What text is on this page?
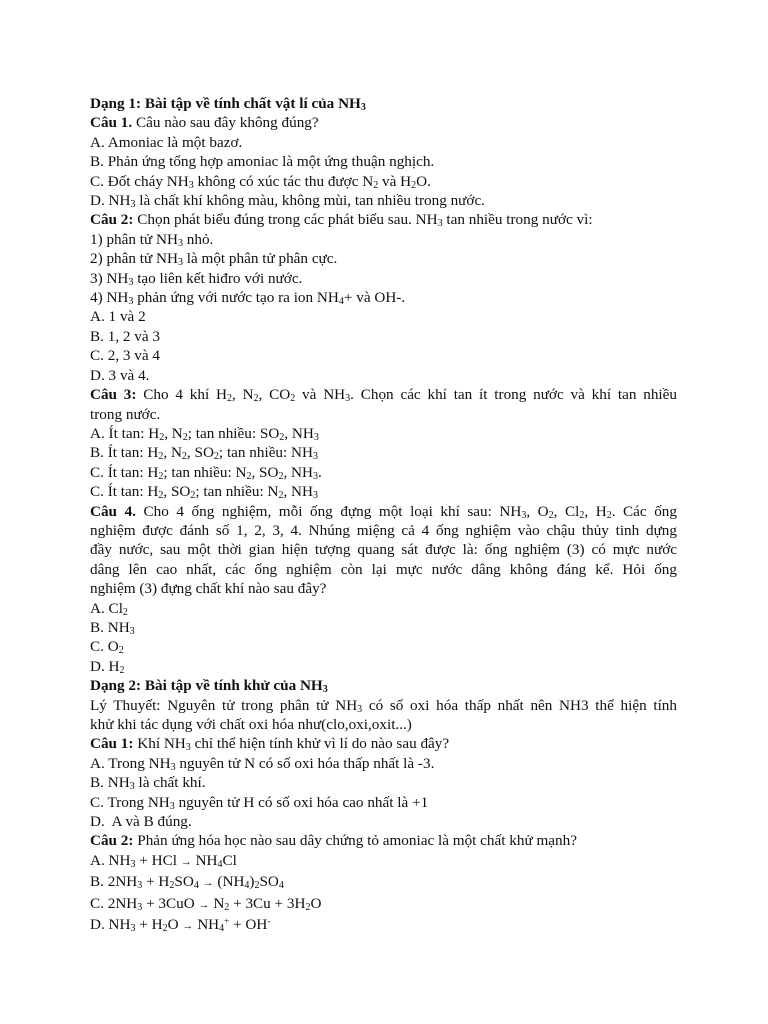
Dạng 1: Bài tập về tính chất vật lí của $NH_3$
Câu 1. Câu nào sau đây không đúng?
A. Amoniac là một bazơ.
B. Phản ứng tổng hợp amoniac là một ứng thuận nghịch.
C. Đốt cháy $NH_3$ không có xúc tác thu được $N_2$ và $H_2O$.
D. $NH_3$ là chất khí không màu, không mùi, tan nhiều trong nước.
Câu 2: Chọn phát biểu đúng trong các phát biểu sau. $NH_3$ tan nhiều trong nước vì:
1) phân tử $NH_3$ nhỏ.
2) phân tử $NH_3$ là một phân tử phân cực.
3) $NH_3$ tạo liên kết hiđro với nước.
4) $NH_3$ phản ứng với nước tạo ra ion $NH_4+$ và OH-.
A. 1 và 2
B. 1, 2 và 3
C. 2, 3 và 4
D. 3 và 4.
Câu 3: Cho 4 khí $H_2$, $N_2$, $CO_2$ và $NH_3$. Chọn các khí tan ít trong nước và khí tan nhiều
trong nước.
A. Ít tan: $H_2$, $N_2$; tan nhiều: $SO_2$, $NH_3$
B. Ít tan: $H_2$, $N_2$, $SO_2$; tan nhiều: $NH_3$
C. Ít tan: $H_2$; tan nhiều: $N_2$, $SO_2$, $NH_3$.
C. Ít tan: $H_2$, $SO_2$; tan nhiều: $N_2$, $NH_3$
Câu 4. Cho 4 ống nghiệm, mỗi ống đựng một loại khí sau: $NH_3$, $O_2$, $Cl_2$, $H_2$. Các ống
nghiệm được đánh số 1, 2, 3, 4. Nhúng miệng cả 4 ống nghiệm vào chậu thủy tinh dựng
đầy nước, sau một thời gian hiện tượng quang sát được là: ống nghiệm (3) có mực nước
dâng lên cao nhất, các ống nghiệm còn lại mực nước dâng không đáng kể. Hỏi ống
nghiệm (3) đựng chất khí nào sau đây?
A. $Cl_2$
B. $NH_3$
C. $O_2$
D. $H_2$
Dạng 2: Bài tập về tính khử của $NH_3$
Lý Thuyết: Nguyên tử trong phân tử $NH_3$ có số oxi hóa thấp nhất nên NH3 thể hiện tính
khử khi tác dụng với chất oxi hóa như(clo,oxi,oxit...)
Câu 1: Khí $NH_3$ chỉ thể hiện tính khử vì lí do nào sau đây?
A. Trong $NH_3$ nguyên tử N có số oxi hóa thấp nhất là -3.
B. $NH_3$ là chất khí.
C. Trong $NH_3$ nguyên tử H có số oxi hóa cao nhất là +1
D.  A và B đúng.
Câu 2: Phản ứng hóa học nào sau dây chứng tỏ amoniac là một chất khử mạnh?
A. $NH_3$ + HCl → $NH_4Cl$
B. $2NH_3 + H_2SO_4 \to (NH_4)_2SO_4$
C. $2NH_3 + 3CuO \to N_2 + 3Cu + 3H_2O$
D. $NH_3 + H_2O \to NH_4^+ + OH^-$
